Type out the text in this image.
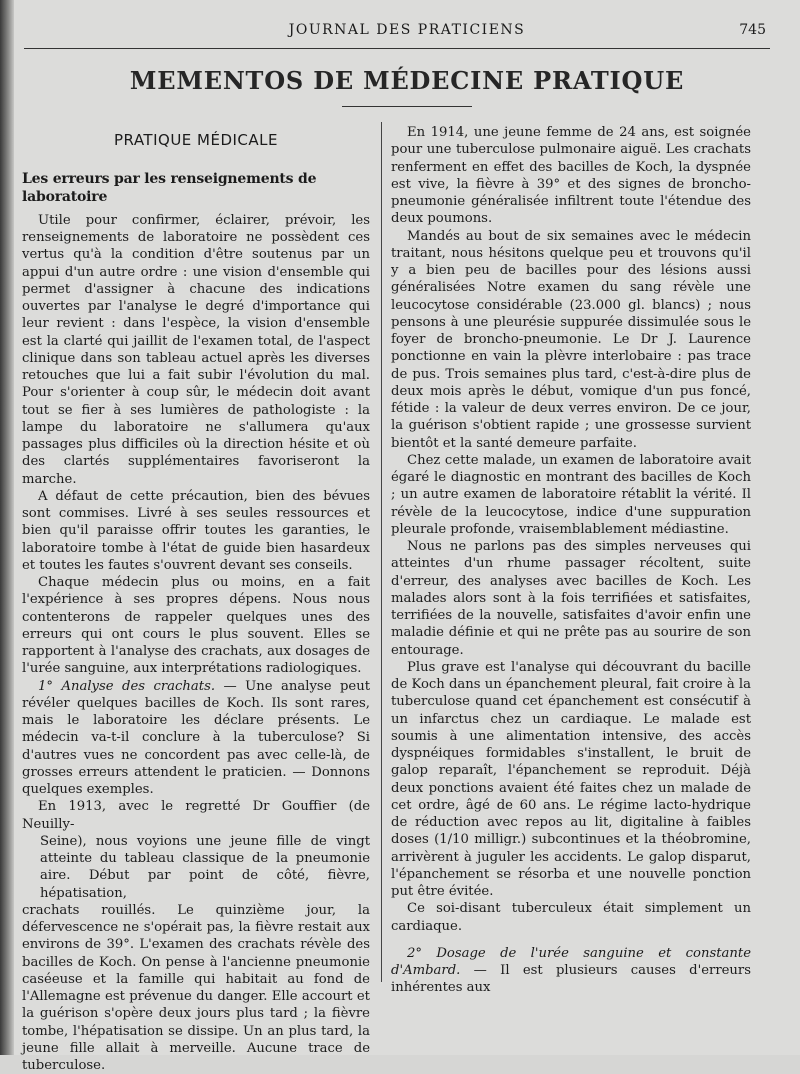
JOURNAL DES PRATICIENS	745
MEMENTOS DE MÉDECINE PRATIQUE
PRATIQUE MÉDICALE
Les erreurs par les renseignements de laboratoire

Utile pour confirmer, éclairer, prévoir, les renseignements de laboratoire ne possèdent ces vertus qu'à la condition d'être soutenus par un appui d'un autre ordre : une vision d'ensemble qui permet d'assigner à chacune des indications ouvertes par l'analyse le degré d'importance qui leur revient : dans l'espèce, la vision d'ensemble est la clarté qui jaillit de l'examen total, de l'aspect clinique dans son tableau actuel après les diverses retouches que lui a fait subir l'évolution du mal. Pour s'orienter à coup sûr, le médecin doit avant tout se fier à ses lumières de pathologiste : la lampe du laboratoire ne s'allumera qu'aux passages plus difficiles où la direction hésite et où des clartés supplémentaires favoriseront la marche.

A défaut de cette précaution, bien des bévues sont commises. Livré à ses seules ressources et bien qu'il paraisse offrir toutes les garanties, le laboratoire tombe à l'état de guide bien hasardeux et toutes les fautes s'ouvrent devant ses conseils.

Chaque médecin plus ou moins, en a fait l'expérience à ses propres dépens. Nous nous contenterons de rappeler quelques unes des erreurs qui ont cours le plus souvent. Elles se rapportent à l'analyse des crachats, aux dosages de l'urée sanguine, aux interprétations radiologiques.

1° Analyse des crachats. — Une analyse peut révéler quelques bacilles de Koch. Ils sont rares, mais le laboratoire les déclare présents. Le médecin va-t-il conclure à la tuberculose? Si d'autres vues ne concordent pas avec celle-là, de grosses erreurs attendent le praticien. — Donnons quelques exemples.

En 1913, avec le regretté Dr Gouffier (de Neuilly-

Seine), nous voyions une jeune fille de vingt atteinte du tableau classique de la pneumonie aire. Début par point de côté, fièvre, hépatisation,

crachats rouillés. Le quinzième jour, la défervescence ne s'opérait pas, la fièvre restait aux environs de 39°. L'examen des crachats révèle des bacilles de Koch. On pense à l'ancienne pneumonie caséeuse et la famille qui habitait au fond de l'Allemagne est prévenue du danger. Elle accourt et la guérison s'opère deux jours plus tard ; la fièvre tombe, l'hépatisation se dissipe. Un an plus tard, la jeune fille allait à merveille. Aucune trace de tuberculose.

En 1914, une jeune femme de 24 ans, est soignée pour une tuberculose pulmonaire aiguë. Les crachats renferment en effet des bacilles de Koch, la dyspnée est vive, la fièvre à 39° et des signes de broncho-pneumonie généralisée infiltrent toute l'étendue des deux poumons.

Mandés au bout de six semaines avec le médecin traitant, nous hésitons quelque peu et trouvons qu'il y a bien peu de bacilles pour des lésions aussi généralisées Notre examen du sang révèle une leucocytose considérable (23.000 gl. blancs) ; nous pensons à une pleurésie suppurée dissimulée sous le foyer de broncho-pneumonie. Le Dr J. Laurence ponctionne en vain la plèvre interlobaire : pas trace de pus. Trois semaines plus tard, c'est-à-dire plus de deux mois après le début, vomique d'un pus foncé, fétide : la valeur de deux verres environ. De ce jour, la guérison s'obtient rapide ; une grossesse survient bientôt et la santé demeure parfaite.

Chez cette malade, un examen de laboratoire avait égaré le diagnostic en montrant des bacilles de Koch ; un autre examen de laboratoire rétablit la vérité. Il révèle de la leucocytose, indice d'une suppuration pleurale profonde, vraisemblablement médiastine.

Nous ne parlons pas des simples nerveuses qui atteintes d'un rhume passager récoltent, suite d'erreur, des analyses avec bacilles de Koch. Les malades alors sont à la fois terrifiées et satisfaites, terrifiées de la nouvelle, satisfaites d'avoir enfin une maladie définie et qui ne prête pas au sourire de son entourage.

Plus grave est l'analyse qui découvrant du bacille de Koch dans un épanchement pleural, fait croire à la tuberculose quand cet épanchement est consécutif à un infarctus chez un cardiaque. Le malade est soumis à une alimentation intensive, des accès dyspnéiques formidables s'installent, le bruit de galop reparaît, l'épanchement se reproduit. Déjà deux ponctions avaient été faites chez un malade de cet ordre, âgé de 60 ans. Le régime lacto-hydrique de réduction avec repos au lit, digitaline à faibles doses (1/10 milligr.) subcontinues et la théobromine, arrivèrent à juguler les accidents. Le galop disparut, l'épanchement se résorba et une nouvelle ponction put être évitée.

Ce soi-disant tuberculeux était simplement un cardiaque.

2° Dosage de l'urée sanguine et constante d'Ambard. — Il est plusieurs causes d'erreurs inhérentes aux
